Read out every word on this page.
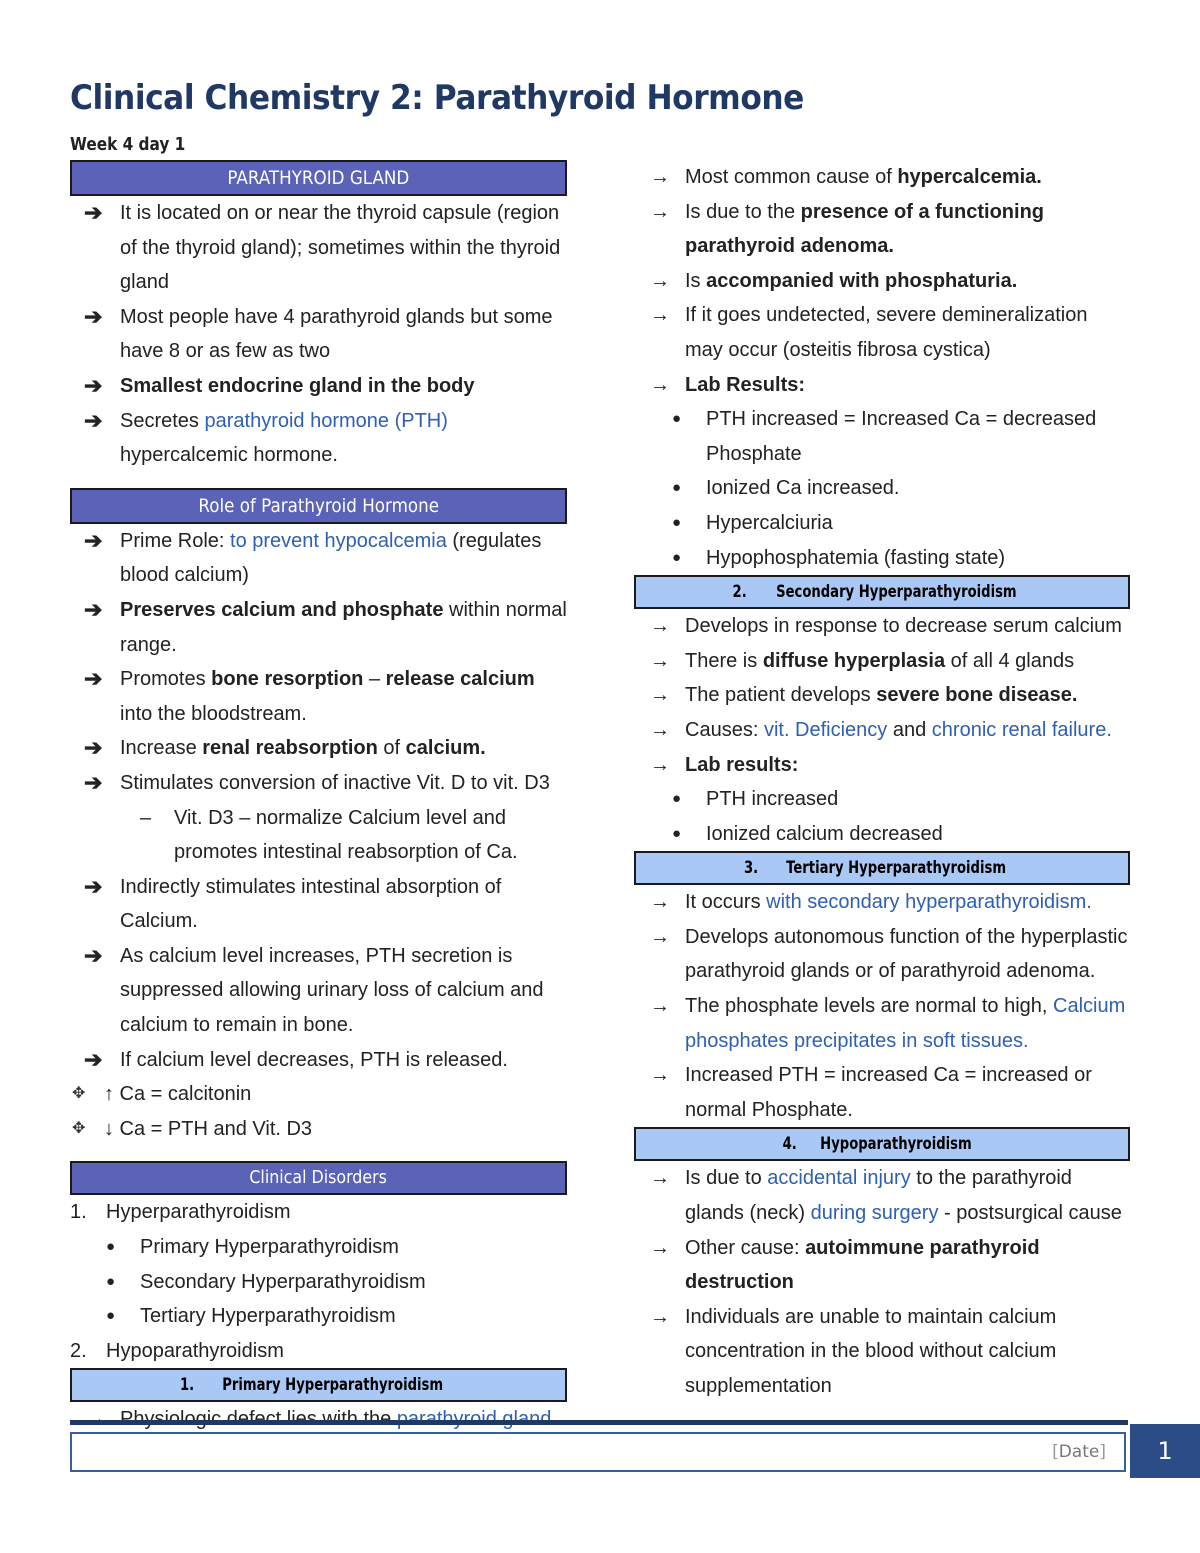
Clinical Chemistry 2: Parathyroid Hormone
Week 4 day 1
PARATHYROID GLAND
➔ It is located on or near the thyroid capsule (region of the thyroid gland); sometimes within the thyroid gland
➔ Most people have 4 parathyroid glands but some have 8 or as few as two
➔ Smallest endocrine gland in the body
➔ Secretes parathyroid hormone (PTH) hypercalcemic hormone.
Role of Parathyroid Hormone
➔ Prime Role: to prevent hypocalcemia (regulates blood calcium)
➔ Preserves calcium and phosphate within normal range.
➔ Promotes bone resorption – release calcium into the bloodstream.
➔ Increase renal reabsorption of calcium.
➔ Stimulates conversion of inactive Vit. D to vit. D3
– Vit. D3 – normalize Calcium level and promotes intestinal reabsorption of Ca.
➔ Indirectly stimulates intestinal absorption of Calcium.
➔ As calcium level increases, PTH secretion is suppressed allowing urinary loss of calcium and calcium to remain in bone.
➔ If calcium level decreases, PTH is released.
✥ ↑ Ca = calcitonin
✥ ↓ Ca = PTH and Vit. D3
Clinical Disorders
1. Hyperparathyroidism
● Primary Hyperparathyroidism
● Secondary Hyperparathyroidism
● Tertiary Hyperparathyroidism
2. Hypoparathyroidism
1. Primary Hyperparathyroidism
→ Most common cause of hypercalcemia.
→ Is due to the presence of a functioning parathyroid adenoma.
→ Is accompanied with phosphaturia.
→ If it goes undetected, severe demineralization may occur (osteitis fibrosa cystica)
→ Lab Results:
● PTH increased = Increased Ca = decreased Phosphate
● Ionized Ca increased.
● Hypercalciuria
● Hypophosphatemia (fasting state)
2. Secondary Hyperparathyroidism
→ Develops in response to decrease serum calcium
→ There is diffuse hyperplasia of all 4 glands
→ The patient develops severe bone disease.
→ Causes: vit. Deficiency and chronic renal failure.
→ Lab results:
● PTH increased
● Ionized calcium decreased
3. Tertiary Hyperparathyroidism
→ It occurs with secondary hyperparathyroidism.
→ Develops autonomous function of the hyperplastic parathyroid glands or of parathyroid adenoma.
→ The phosphate levels are normal to high, Calcium phosphates precipitates in soft tissues.
→ Increased PTH = increased Ca = increased or normal Phosphate.
4. Hypoparathyroidism
→ Is due to accidental injury to the parathyroid glands (neck) during surgery - postsurgical cause
→ Other cause: autoimmune parathyroid destruction
→ Individuals are unable to maintain calcium concentration in the blood without calcium supplementation
[Date]	1
